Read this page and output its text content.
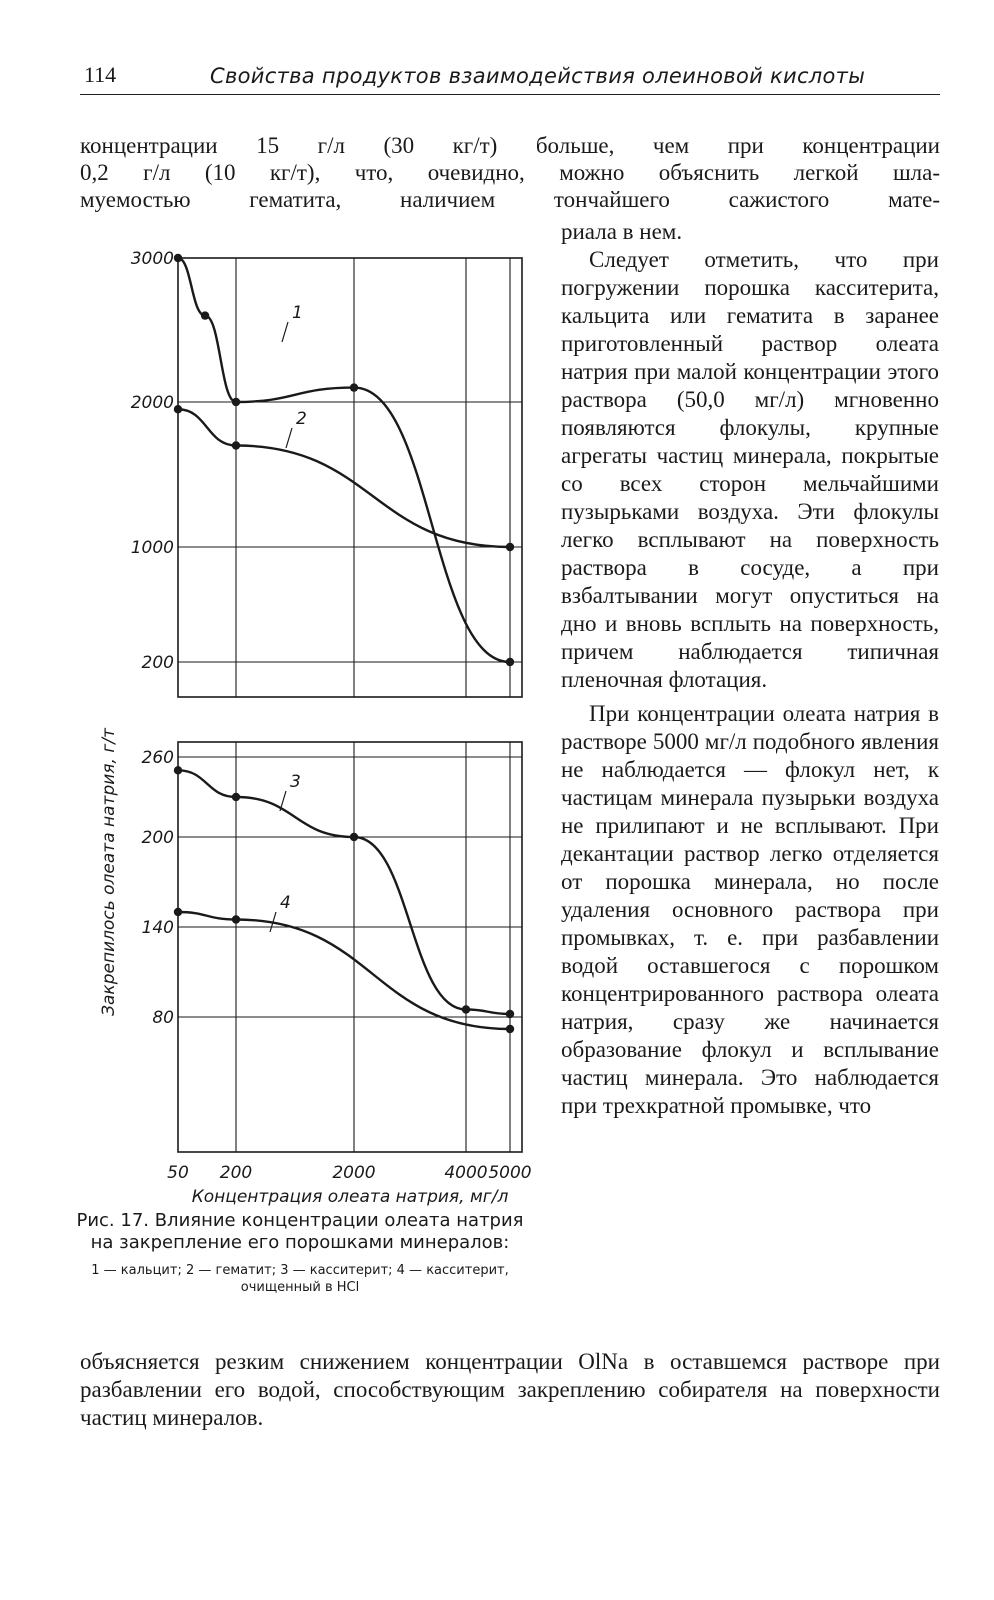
114	Свойства продуктов взаимодействия олеиновой кислоты
концентрации 15 г/л (30 кг/т) больше, чем при концентрации
0,2 г/л (10 кг/т), что, очевидно, можно объяснить легкой шла-
муемостью гематита, наличием тончайшего сажистого мате-

риала в нем.

Следует отметить, что при погружении порошка касситерита, кальцита или гематита в заранее приготовленный раствор олеата натрия при малой концентрации этого раствора (50,0 мг/л) мгновенно появляются флокулы, крупные агрегаты частиц минерала, покрытые со всех сторон мельчайшими пузырьками воздуха. Эти флокулы легко всплывают на поверхность раствора в сосуде, а при взбалтывании могут опуститься на дно и вновь всплыть на поверхность, причем наблюдается типичная пленочная флотация.

При концентрации олеата натрия в растворе 5000 мг/л подобного явления не наблюдается — флокул нет, к частицам минерала пузырьки воздуха не прилипают и не всплывают. При декантации раствор легко отделяется от порошка минерала, но после удаления основного раствора при промывках, т. е. при разбавлении водой оставшегося с порошком концентрированного раствора олеата натрия, сразу же начинается образование флокул и всплывание частиц минерала. Это наблюдается при трехкратной промывке, что

объясняется резким снижением концентрации OlNa в оставшемся растворе при разбавлении его водой, способствующим закреплению собирателя на поверхности частиц минералов.

3000
2000
1000
200
1
2
260
200
140
80
3
4
Закрепилось олеата натрия, г/т
50 200	2000	4000 5000
Концентрация олеата натрия, мг/л
Рис. 17. Влияние концентрации олеата натрия на закрепление его порошками минералов:
1 — кальцит; 2 — гематит; 3 — касситерит; 4 — касситерит, очищенный в HCl
